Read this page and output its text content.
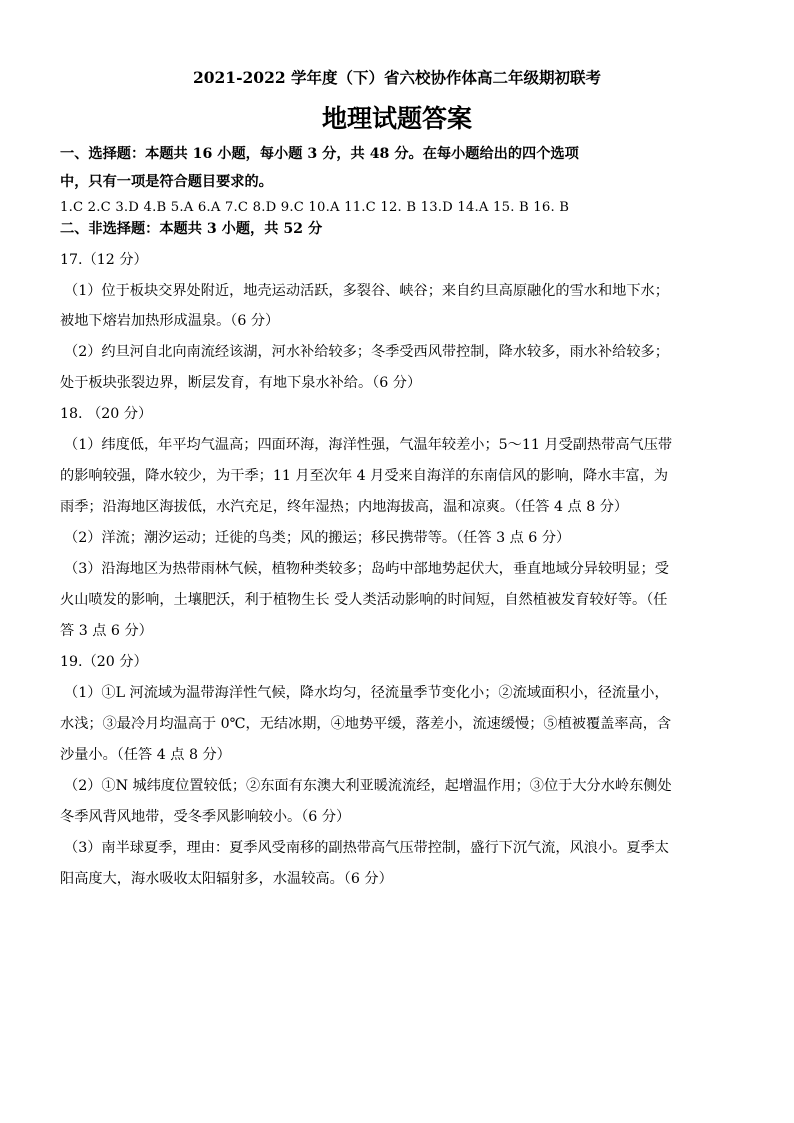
2021-2022 学年度（下）省六校协作体高二年级期初联考
地理试题答案
一、选择题：本题共 16 小题，每小题 3 分，共 48 分。在每小题给出的四个选项
中，只有一项是符合题目要求的。
1.C 2.C 3.D 4.B 5.A 6.A 7.C 8.D 9.C 10.A 11.C 12. B 13.D 14.A 15. B 16. B
二、非选择题：本题共 3 小题，共 52 分
17.（12 分）
（1）位于板块交界处附近，地壳运动活跃，多裂谷、峡谷；来自约旦高原融化的雪水和地下水；
被地下熔岩加热形成温泉。（6 分）
（2）约旦河自北向南流经该湖，河水补给较多；冬季受西风带控制，降水较多，雨水补给较多；
处于板块张裂边界，断层发育，有地下泉水补给。（6 分）
18. （20 分）
（1）纬度低，年平均气温高；四面环海，海洋性强，气温年较差小；5～11 月受副热带高气压带
的影响较强，降水较少，为干季；11 月至次年 4 月受来自海洋的东南信风的影响，降水丰富，为
雨季；沿海地区海拔低，水汽充足，终年湿热；内地海拔高，温和凉爽。（任答 4 点 8 分）
（2）洋流；潮汐运动；迁徙的鸟类；风的搬运；移民携带等。（任答 3 点 6 分）
（3）沿海地区为热带雨林气候，植物种类较多；岛屿中部地势起伏大，垂直地域分异较明显；受
火山喷发的影响，土壤肥沃，利于植物生长 受人类活动影响的时间短，自然植被发育较好等。（任
答 3 点 6 分）
19.（20 分）
（1）①L 河流域为温带海洋性气候，降水均匀，径流量季节变化小；②流域面积小，径流量小，
水浅；③最冷月均温高于 0℃，无结冰期，④地势平缓，落差小，流速缓慢；⑤植被覆盖率高，含
沙量小。（任答 4 点 8 分）
（2）①N 城纬度位置较低；②东面有东澳大利亚暖流流经，起增温作用；③位于大分水岭东侧处
冬季风背风地带，受冬季风影响较小。（6 分）
（3）南半球夏季，理由：夏季风受南移的副热带高气压带控制，盛行下沉气流，风浪小。夏季太
阳高度大，海水吸收太阳辐射多，水温较高。（6 分）
